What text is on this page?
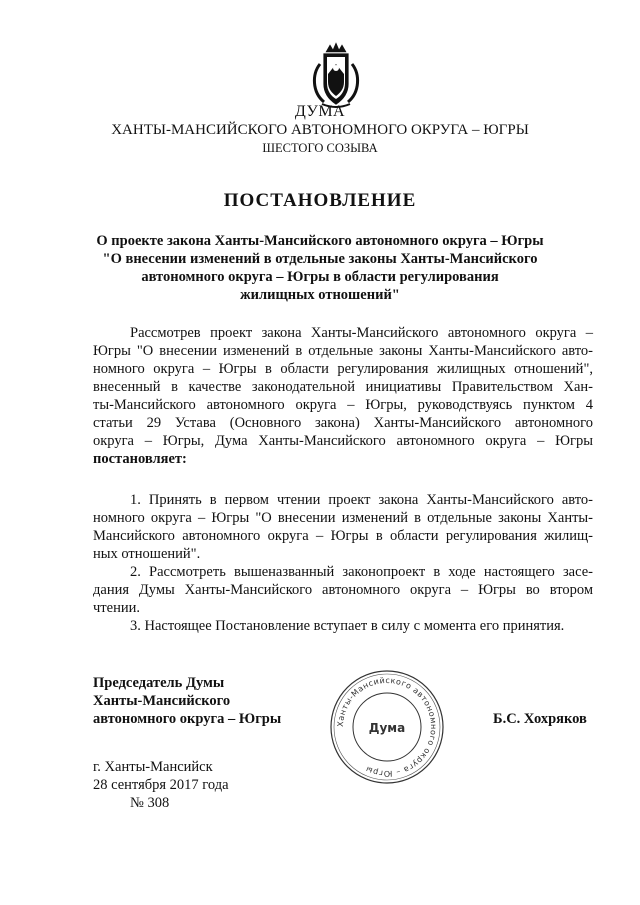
ДУМА
ХАНТЫ-МАНСИЙСКОГО АВТОНОМНОГО ОКРУГА – ЮГРЫ
ШЕСТОГО СОЗЫВА
ПОСТАНОВЛЕНИЕ
О проекте закона Ханты-Мансийского автономного округа – Югры
"О внесении изменений в отдельные законы Ханты-Мансийского
автономного округа – Югры в области регулирования
жилищных отношений"
Рассмотрев проект закона Ханты-Мансийского автономного округа –
Югры "О внесении изменений в отдельные законы Ханты-Мансийского авто-
номного округа – Югры в области регулирования жилищных отношений",
внесенный в качестве законодательной инициативы Правительством Хан-
ты-Мансийского автономного округа – Югры, руководствуясь пунктом 4
статьи 29 Устава (Основного закона) Ханты-Мансийского автономного
округа – Югры, Дума Ханты-Мансийского автономного округа – Югры
постановляет:
1. Принять в первом чтении проект закона Ханты-Мансийского авто-
номного округа – Югры "О внесении изменений в отдельные законы Ханты-
Мансийского автономного округа – Югры в области регулирования жилищ-
ных отношений".
2. Рассмотреть вышеназванный законопроект в ходе настоящего засе-
дания Думы Ханты-Мансийского автономного округа – Югры во втором
чтении.
3. Настоящее Постановление вступает в силу с момента его принятия.
Председатель Думы
Ханты-Мансийского
автономного округа – Югры	Б.С. Хохряков
Ханты-Мансийского автономного округа – Югры
Дума
г. Ханты-Мансийск
28 сентября 2017 года
№ 308
